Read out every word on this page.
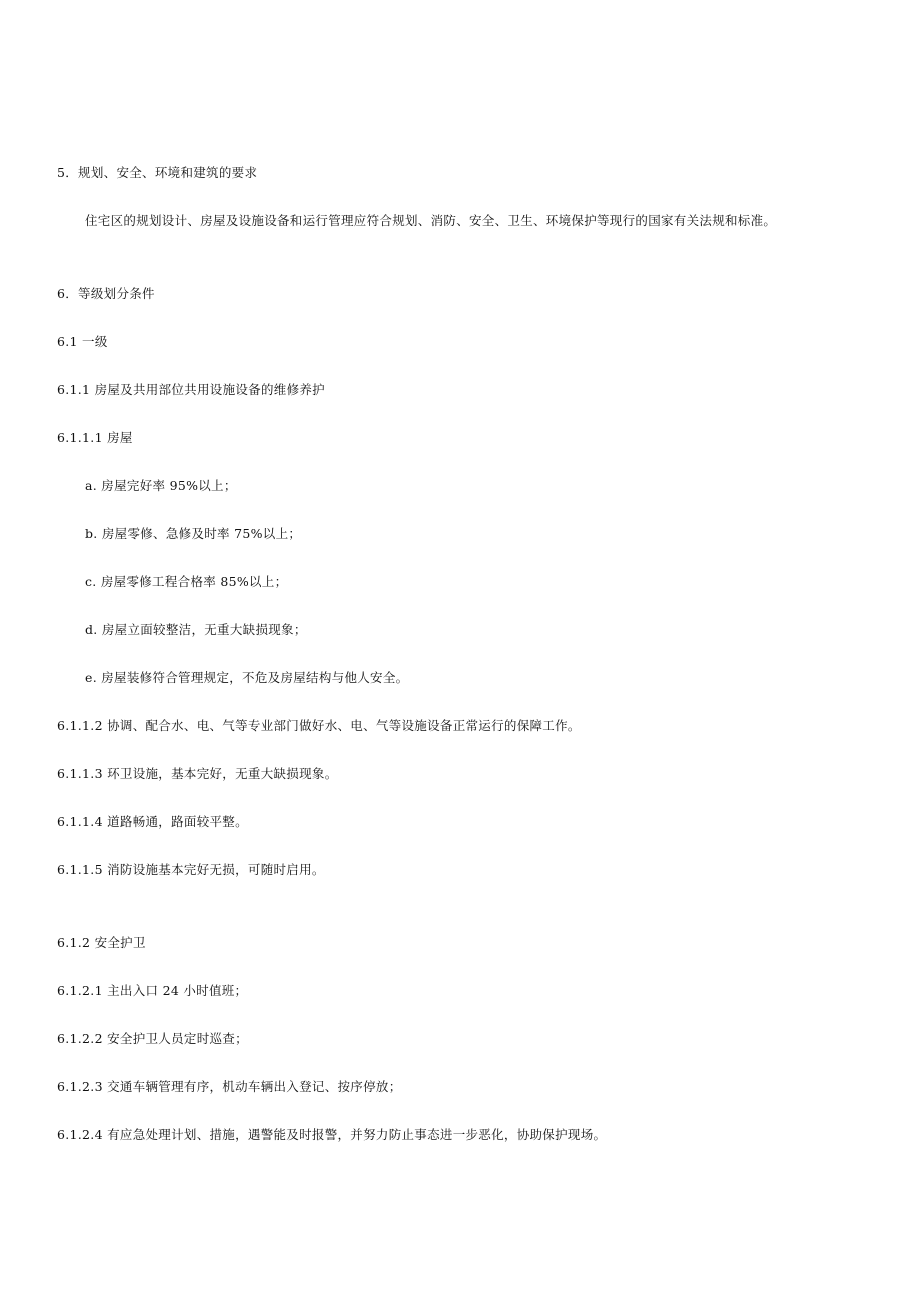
5．规划、安全、环境和建筑的要求
住宅区的规划设计、房屋及设施设备和运行管理应符合规划、消防、安全、卫生、环境保护等现行的国家有关法规和标准。
6．等级划分条件
6.1 一级
6.1.1 房屋及共用部位共用设施设备的维修养护
6.1.1.1 房屋
a. 房屋完好率 95%以上；
b. 房屋零修、急修及时率 75%以上；
c. 房屋零修工程合格率 85%以上；
d. 房屋立面较整洁，无重大缺损现象；
e. 房屋装修符合管理规定，不危及房屋结构与他人安全。
6.1.1.2 协调、配合水、电、气等专业部门做好水、电、气等设施设备正常运行的保障工作。
6.1.1.3 环卫设施，基本完好，无重大缺损现象。
6.1.1.4 道路畅通，路面较平整。
6.1.1.5 消防设施基本完好无损，可随时启用。
6.1.2 安全护卫
6.1.2.1 主出入口 24 小时值班；
6.1.2.2 安全护卫人员定时巡查；
6.1.2.3 交通车辆管理有序，机动车辆出入登记、按序停放；
6.1.2.4 有应急处理计划、措施，遇警能及时报警，并努力防止事态进一步恶化，协助保护现场。
